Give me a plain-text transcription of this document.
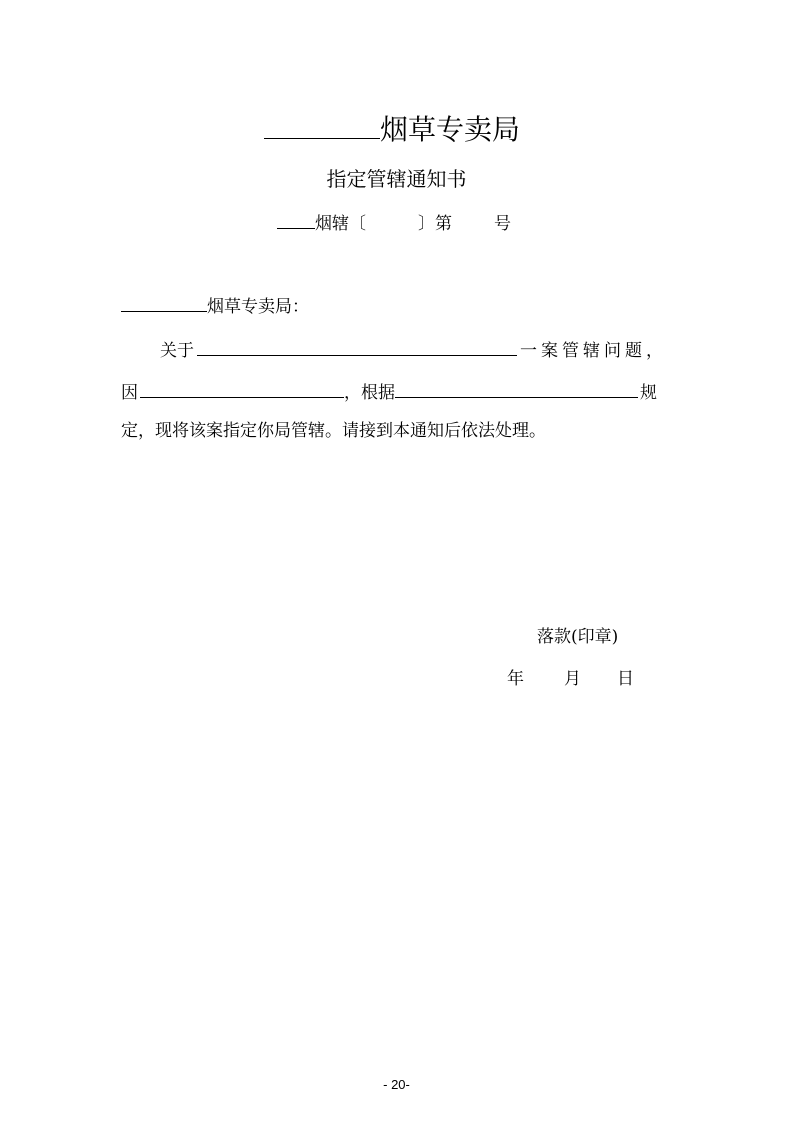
烟草专卖局
指定管辖通知书
烟辖〔	〕第 号
烟草专卖局：
关于	一案管辖问题，
因	，根据	规
定，现将该案指定你局管辖。请接到本通知后依法处理。
落款(印章)
年 月 日
- 20-
